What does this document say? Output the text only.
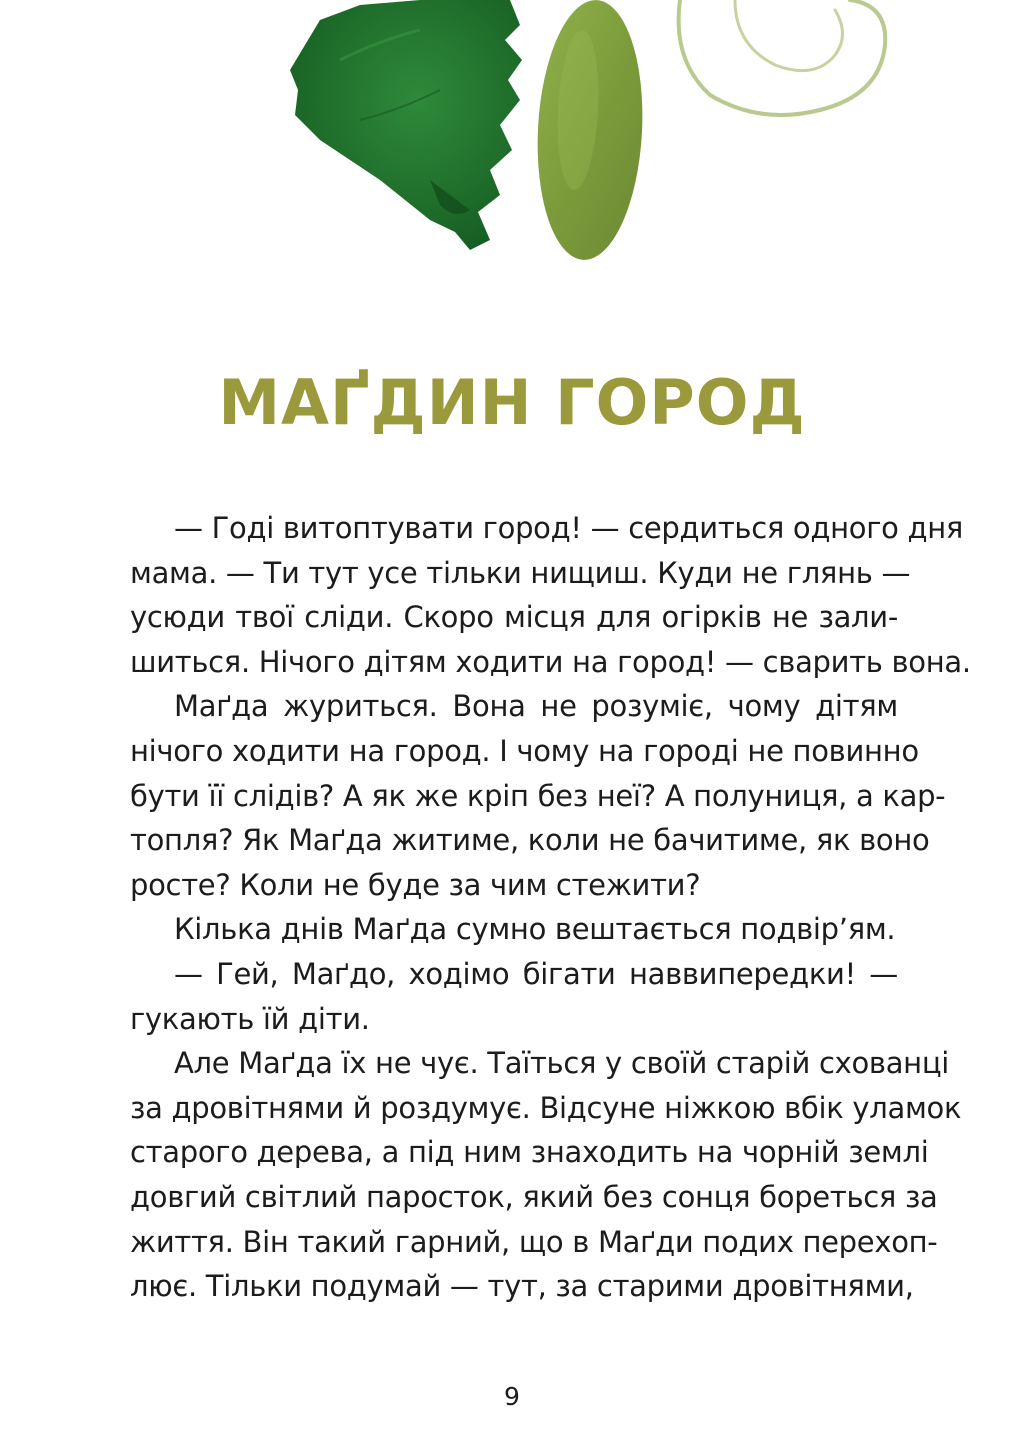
МАҐДИН ГОРОД
— Годі витоптувати город! — сердиться одного дня
мама. — Ти тут усе тільки нищиш. Куди не глянь —
усюди твої сліди. Скоро місця для огірків не зали-
шиться. Нічого дітям ходити на город! — сварить вона.
Маґда журиться. Вона не розуміє, чому дітям
нічого ходити на город. І чому на городі не повинно
бути її слідів? А як же кріп без неї? А полуниця, а кар-
топля? Як Маґда житиме, коли не бачитиме, як воно
росте? Коли не буде за чим стежити?
Кілька днів Маґда сумно вештається подвір’ям.
— Гей, Маґдо, ходімо бігати наввипередки! —
гукають їй діти.
Але Маґда їх не чує. Таїться у своїй старій схованці
за дровітнями й роздумує. Відсуне ніжкою вбік уламок
старого дерева, а під ним знаходить на чорній землі
довгий світлий паросток, який без сонця бореться за
життя. Він такий гарний, що в Маґди подих перехоп-
лює. Тільки подумай — тут, за старими дровітнями,
9
